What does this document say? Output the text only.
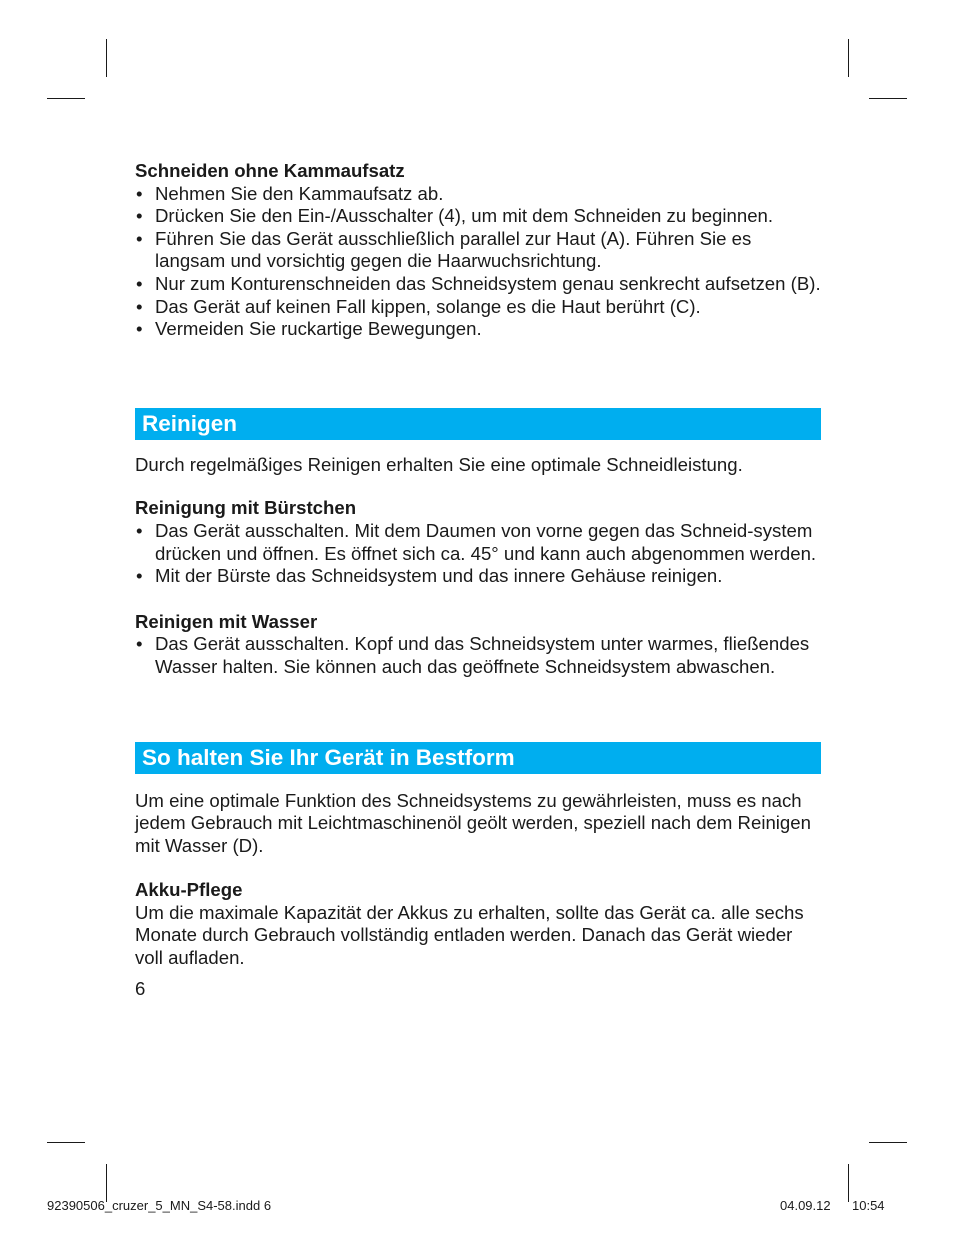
Schneiden ohne Kammaufsatz

• Nehmen Sie den Kammaufsatz ab.
• Drücken Sie den Ein-/Ausschalter (4), um mit dem Schneiden zu beginnen.
• Führen Sie das Gerät ausschließlich parallel zur Haut (A). Führen Sie es langsam und vorsichtig gegen die Haarwuchsrichtung.
• Nur zum Konturenschneiden das Schneidsystem genau senkrecht aufsetzen (B).
• Das Gerät auf keinen Fall kippen, solange es die Haut berührt (C).
• Vermeiden Sie ruckartige Bewegungen.
Reinigen

Durch regelmäßiges Reinigen erhalten Sie eine optimale Schneidleistung.

Reinigung mit Bürstchen

• Das Gerät ausschalten. Mit dem Daumen von vorne gegen das Schneid-system drücken und öffnen. Es öffnet sich ca. 45° und kann auch abgenommen werden.
• Mit der Bürste das Schneidsystem und das innere Gehäuse reinigen.

Reinigen mit Wasser

• Das Gerät ausschalten. Kopf und das Schneidsystem unter warmes, fließendes Wasser halten. Sie können auch das geöffnete Schneidsystem abwaschen.
So halten Sie Ihr Gerät in Bestform

Um eine optimale Funktion des Schneidsystems zu gewährleisten, muss es nach jedem Gebrauch mit Leichtmaschinenöl geölt werden, speziell nach dem Reinigen mit Wasser (D).

Akku-Pflege

Um die maximale Kapazität der Akkus zu erhalten, sollte das Gerät ca. alle sechs Monate durch Gebrauch vollständig entladen werden. Danach das Gerät wieder voll aufladen.

6

92390506_cruzer_5_MN_S4-58.indd 6	04.09.12 10:54
